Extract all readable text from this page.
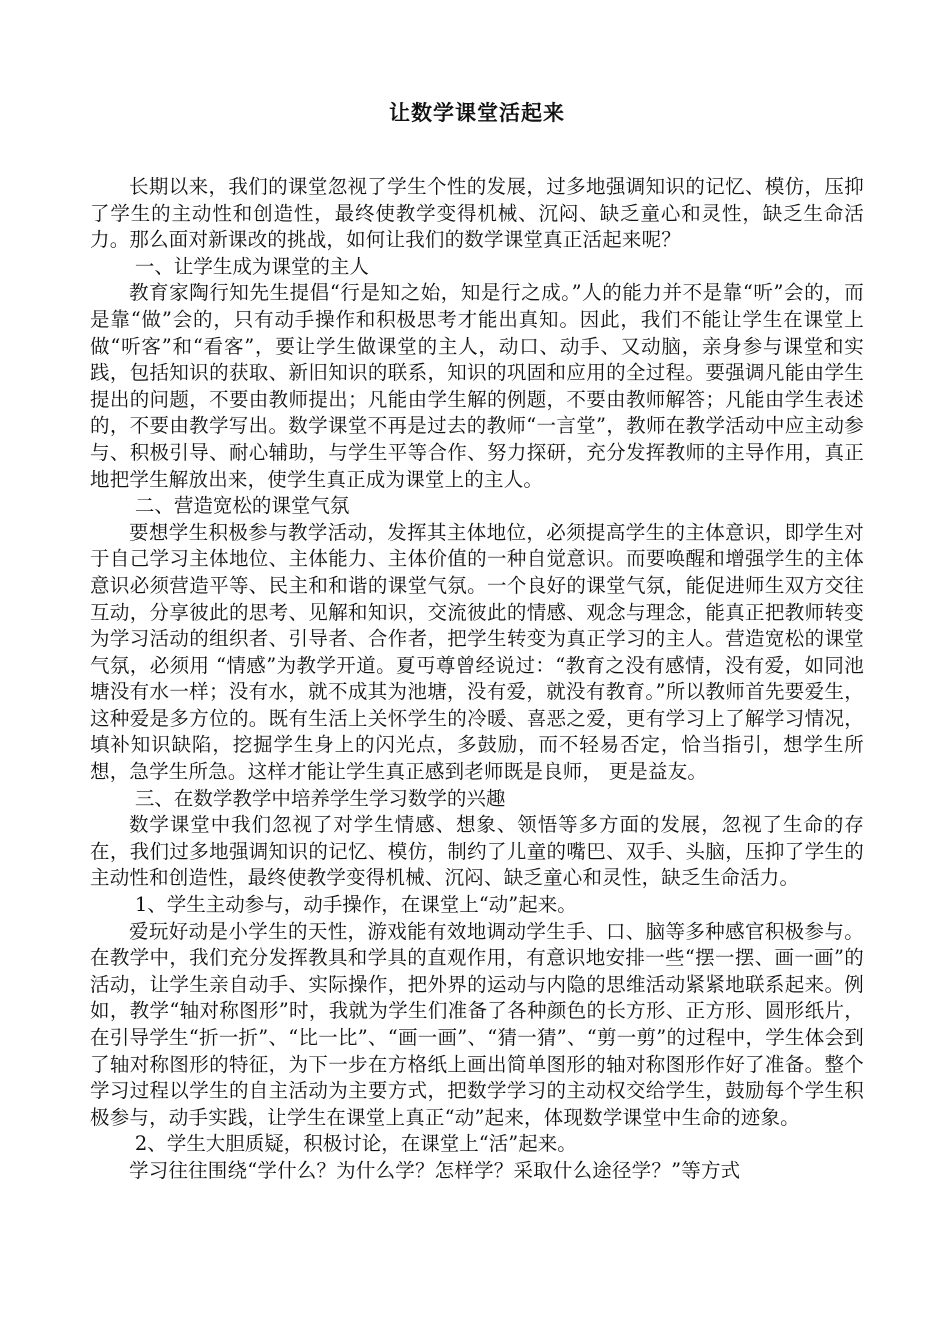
让数学课堂活起来

长期以来，我们的课堂忽视了学生个性的发展，过多地强调知识的记忆、模仿，压抑了学生的主动性和创造性，最终使教学变得机械、沉闷、缺乏童心和灵性，缺乏生命活力。那么面对新课改的挑战，如何让我们的数学课堂真正活起来呢？

一、让学生成为课堂的主人

教育家陶行知先生提倡“行是知之始，知是行之成。”人的能力并不是靠“听”会的，而是靠“做”会的，只有动手操作和积极思考才能出真知。因此，我们不能让学生在课堂上做“听客”和“看客”，要让学生做课堂的主人，动口、动手、又动脑，亲身参与课堂和实践，包括知识的获取、新旧知识的联系，知识的巩固和应用的全过程。要强调凡能由学生提出的问题，不要由教师提出；凡能由学生解的例题，不要由教师解答；凡能由学生表述的，不要由教学写出。数学课堂不再是过去的教师“一言堂”，教师在教学活动中应主动参与、积极引导、耐心辅助，与学生平等合作、努力探研，充分发挥教师的主导作用，真正地把学生解放出来，使学生真正成为课堂上的主人。

二、营造宽松的课堂气氛

要想学生积极参与教学活动，发挥其主体地位，必须提高学生的主体意识，即学生对于自己学习主体地位、主体能力、主体价值的一种自觉意识。而要唤醒和增强学生的主体意识必须营造平等、民主和和谐的课堂气氛。一个良好的课堂气氛，能促进师生双方交往互动，分享彼此的思考、见解和知识，交流彼此的情感、观念与理念，能真正把教师转变为学习活动的组织者、引导者、合作者，把学生转变为真正学习的主人。营造宽松的课堂气氛，必须用 “情感”为教学开道。夏丏尊曾经说过：“教育之没有感情，没有爱，如同池塘没有水一样；没有水，就不成其为池塘，没有爱，就没有教育。”所以教师首先要爱生，这种爱是多方位的。既有生活上关怀学生的冷暖、喜恶之爱，更有学习上了解学习情况，填补知识缺陷，挖掘学生身上的闪光点，多鼓励，而不轻易否定，恰当指引，想学生所想，急学生所急。这样才能让学生真正感到老师既是良师， 更是益友。

三、在数学教学中培养学生学习数学的兴趣

数学课堂中我们忽视了对学生情感、想象、领悟等多方面的发展，忽视了生命的存在，我们过多地强调知识的记忆、模仿，制约了儿童的嘴巴、双手、头脑，压抑了学生的主动性和创造性，最终使教学变得机械、沉闷、缺乏童心和灵性，缺乏生命活力。

1、学生主动参与，动手操作，在课堂上“动”起来。

爱玩好动是小学生的天性，游戏能有效地调动学生手、口、脑等多种感官积极参与。在教学中，我们充分发挥教具和学具的直观作用，有意识地安排一些“摆一摆、画一画”的活动，让学生亲自动手、实际操作，把外界的运动与内隐的思维活动紧紧地联系起来。例如，教学“轴对称图形”时，我就为学生们准备了各种颜色的长方形、正方形、圆形纸片，在引导学生“折一折”、“比一比”、“画一画”、“猜一猜”、“剪一剪”的过程中，学生体会到了轴对称图形的特征，为下一步在方格纸上画出简单图形的轴对称图形作好了准备。整个学习过程以学生的自主活动为主要方式，把数学学习的主动权交给学生，鼓励每个学生积极参与，动手实践，让学生在课堂上真正“动”起来，体现数学课堂中生命的迹象。

2、学生大胆质疑，积极讨论，在课堂上“活”起来。

学习往往围绕“学什么？为什么学？怎样学？采取什么途径学？”等方式
